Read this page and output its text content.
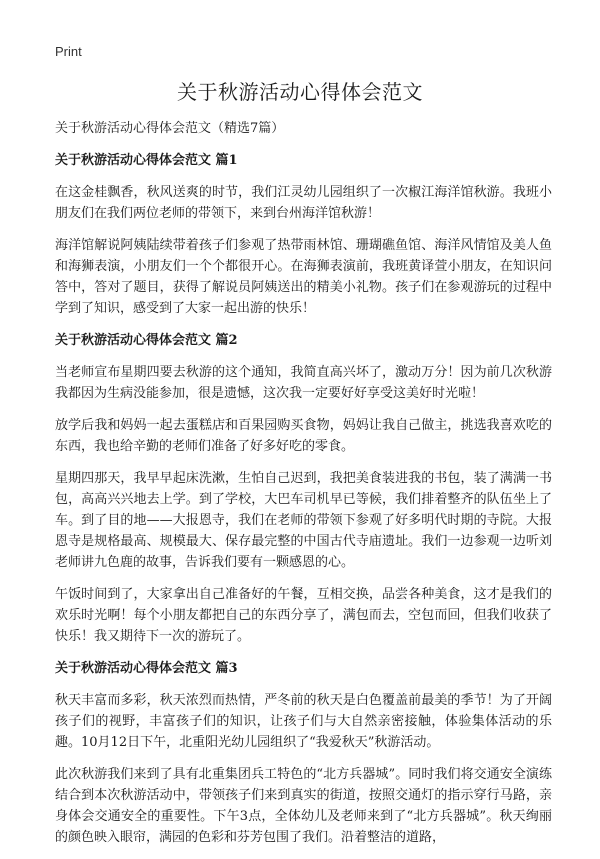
Print
关于秋游活动心得体会范文

关于秋游活动心得体会范文（精选7篇）

关于秋游活动心得体会范文 篇1

在这金桂飘香，秋风送爽的时节，我们江灵幼儿园组织了一次椒江海洋馆秋游。我班小朋友们在我们两位老师的带领下，来到台州海洋馆秋游！

海洋馆解说阿姨陆续带着孩子们参观了热带雨林馆、珊瑚礁鱼馆、海洋风情馆及美人鱼和海狮表演，小朋友们一个个都很开心。在海狮表演前，我班黄译萱小朋友，在知识问答中，答对了题目，获得了解说员阿姨送出的精美小礼物。孩子们在参观游玩的过程中学到了知识，感受到了大家一起出游的快乐！

关于秋游活动心得体会范文 篇2

当老师宣布星期四要去秋游的这个通知，我简直高兴坏了，激动万分！因为前几次秋游我都因为生病没能参加，很是遗憾，这次我一定要好好享受这美好时光啦！

放学后我和妈妈一起去蛋糕店和百果园购买食物，妈妈让我自己做主，挑选我喜欢吃的东西，我也给辛勤的老师们准备了好多好吃的零食。

星期四那天，我早早起床洗漱，生怕自己迟到，我把美食装进我的书包，装了满满一书包，高高兴兴地去上学。到了学校，大巴车司机早已等候，我们排着整齐的队伍坐上了车。到了目的地——大报恩寺，我们在老师的带领下参观了好多明代时期的寺院。大报恩寺是规格最高、规模最大、保存最完整的中国古代寺庙遗址。我们一边参观一边听刘老师讲九色鹿的故事，告诉我们要有一颗感恩的心。

午饭时间到了，大家拿出自己准备好的午餐，互相交换，品尝各种美食，这才是我们的欢乐时光啊！每个小朋友都把自己的东西分享了，满包而去，空包而回，但我们收获了快乐！我又期待下一次的游玩了。

关于秋游活动心得体会范文 篇3

秋天丰富而多彩，秋天浓烈而热情，严冬前的秋天是白色覆盖前最美的季节！为了开阔孩子们的视野，丰富孩子们的知识，让孩子们与大自然亲密接触，体验集体活动的乐趣。10月12日下午，北重阳光幼儿园组织了“我爱秋天”秋游活动。

此次秋游我们来到了具有北重集团兵工特色的“北方兵器城”。同时我们将交通安全演练结合到本次秋游活动中，带领孩子们来到真实的街道，按照交通灯的指示穿行马路，亲身体会交通安全的重要性。下午3点，全体幼儿及老师来到了“北方兵器城”。秋天绚丽的颜色映入眼帘，满园的色彩和芬芳包围了我们。沿着整洁的道路，
